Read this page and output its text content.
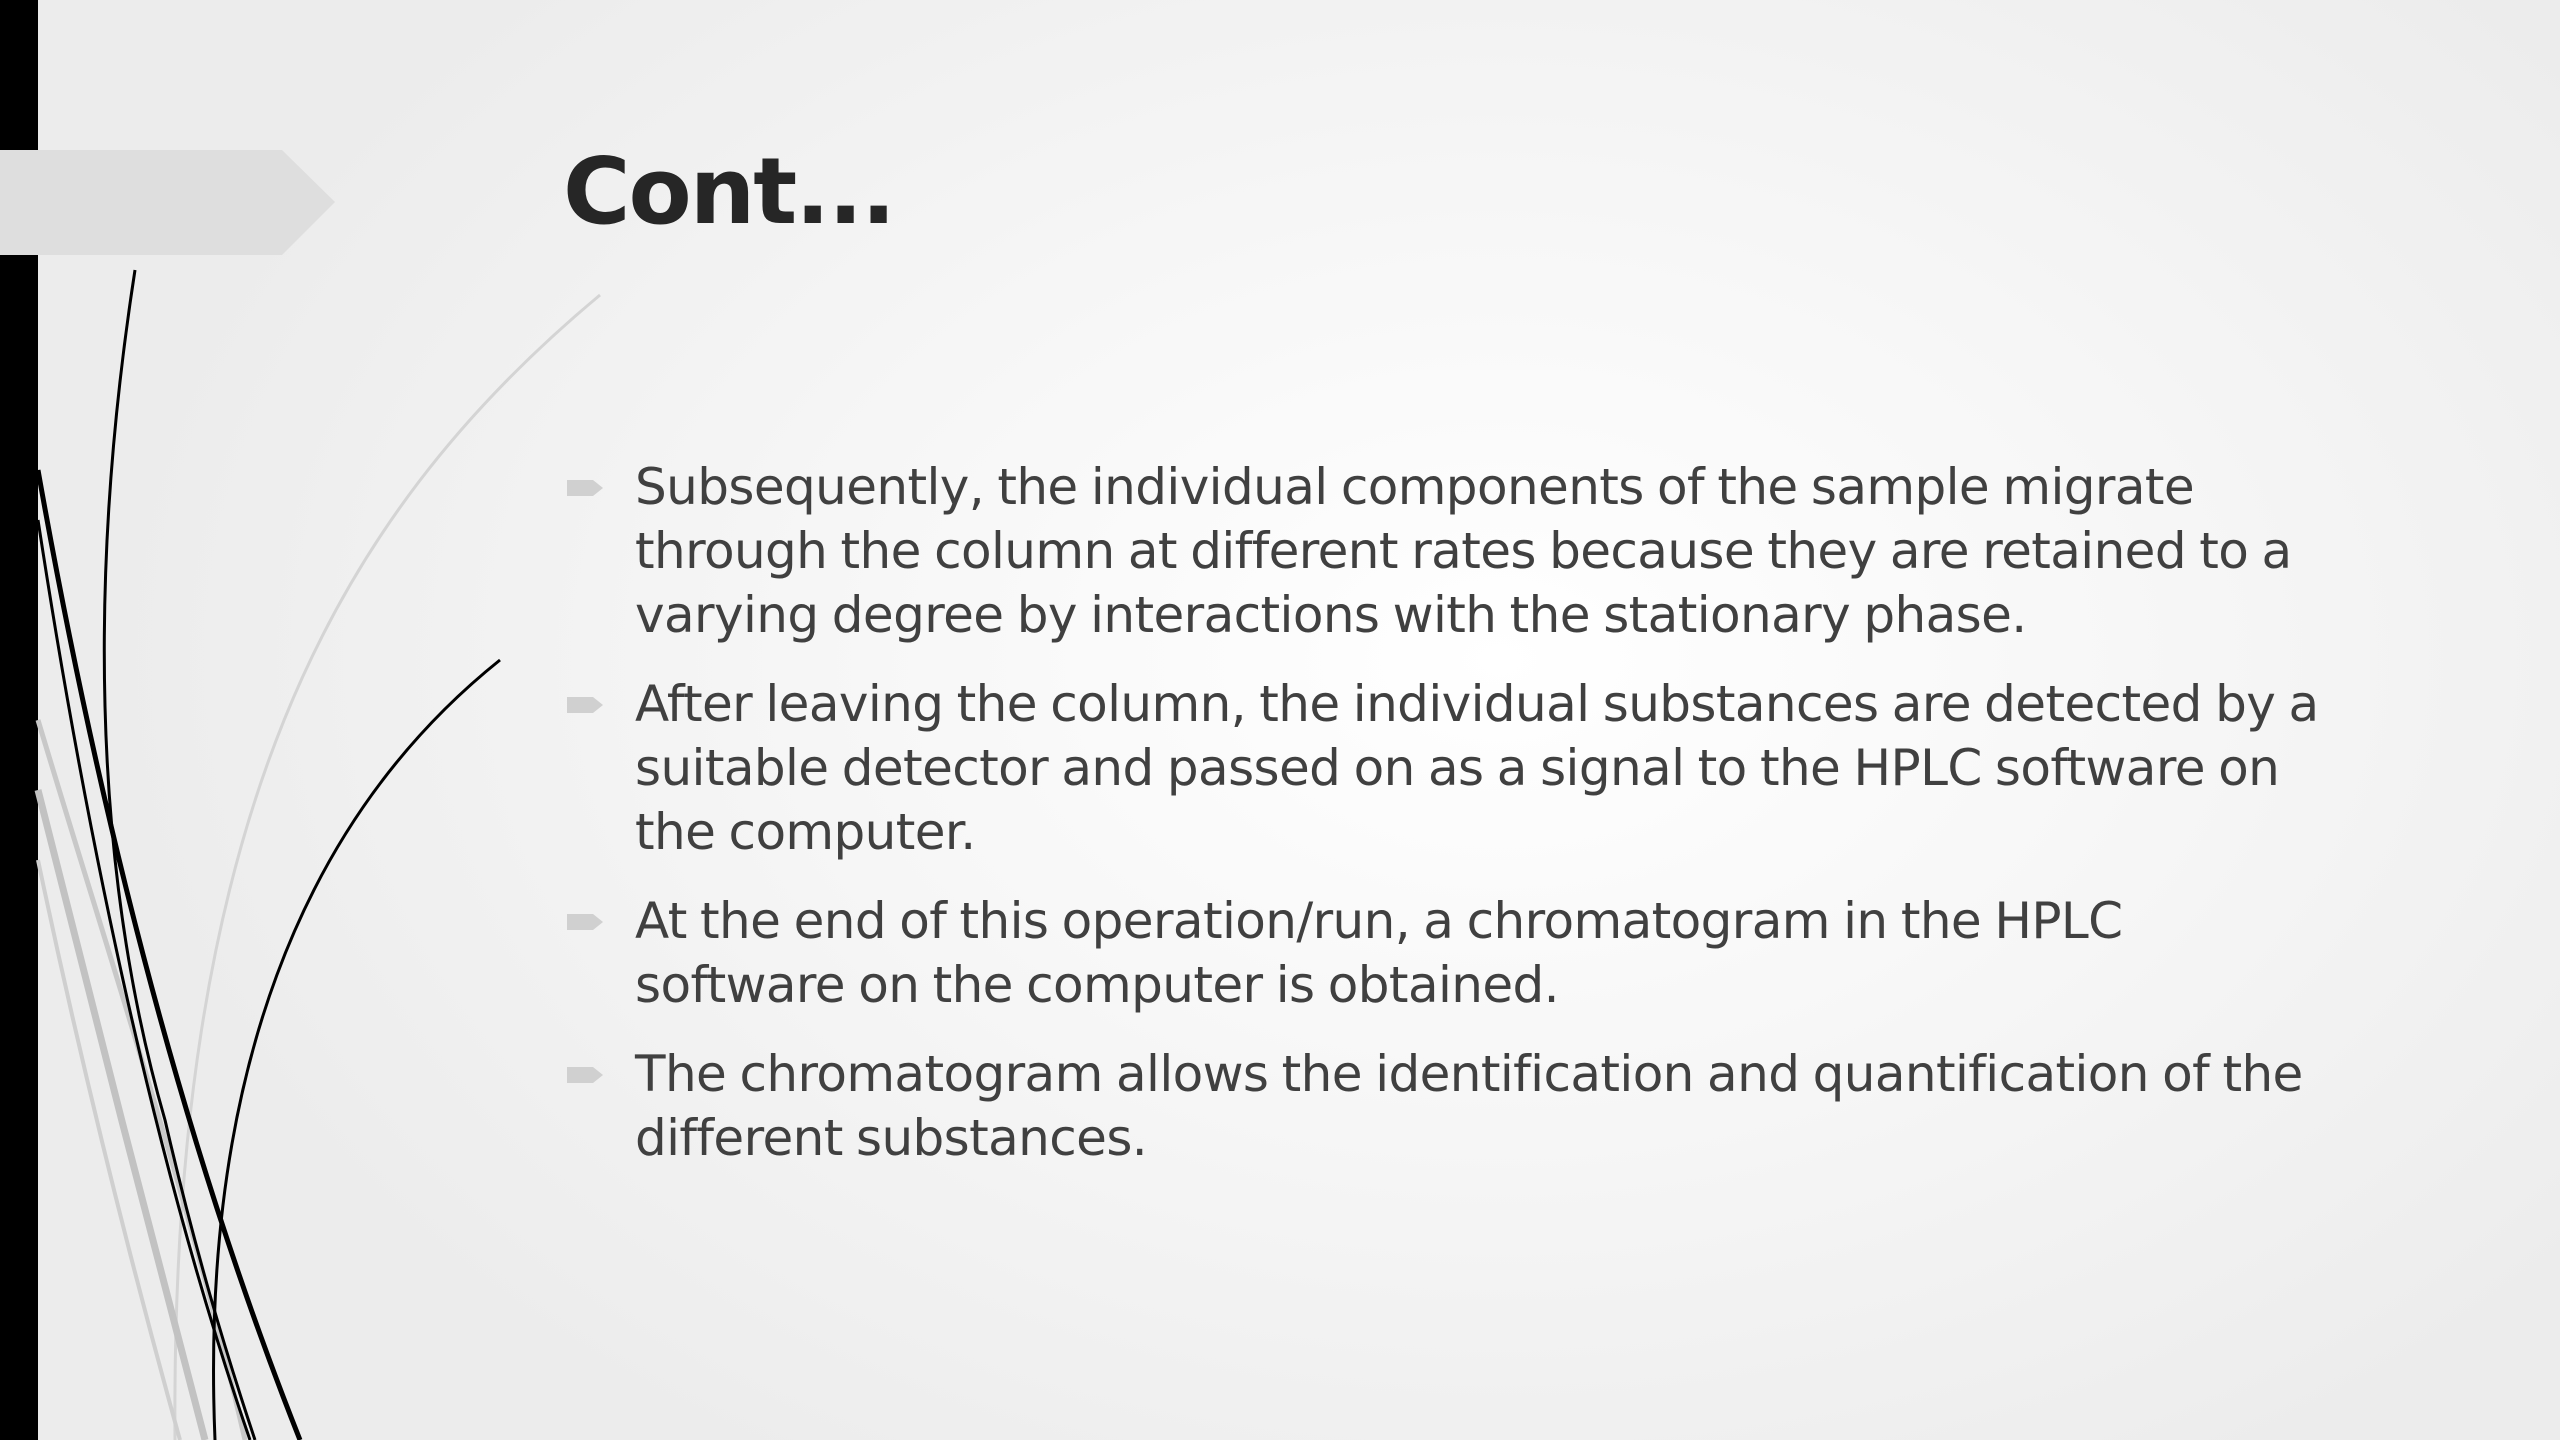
Cont...
Subsequently, the individual components of the sample migrate through the column at different rates because they are retained to a varying degree by interactions with the stationary phase.
After leaving the column, the individual substances are detected by a suitable detector and passed on as a signal to the HPLC software on the computer.
At the end of this operation/run, a chromatogram in the HPLC software on the computer is obtained.
The chromatogram allows the identification and quantification of the different substances.
